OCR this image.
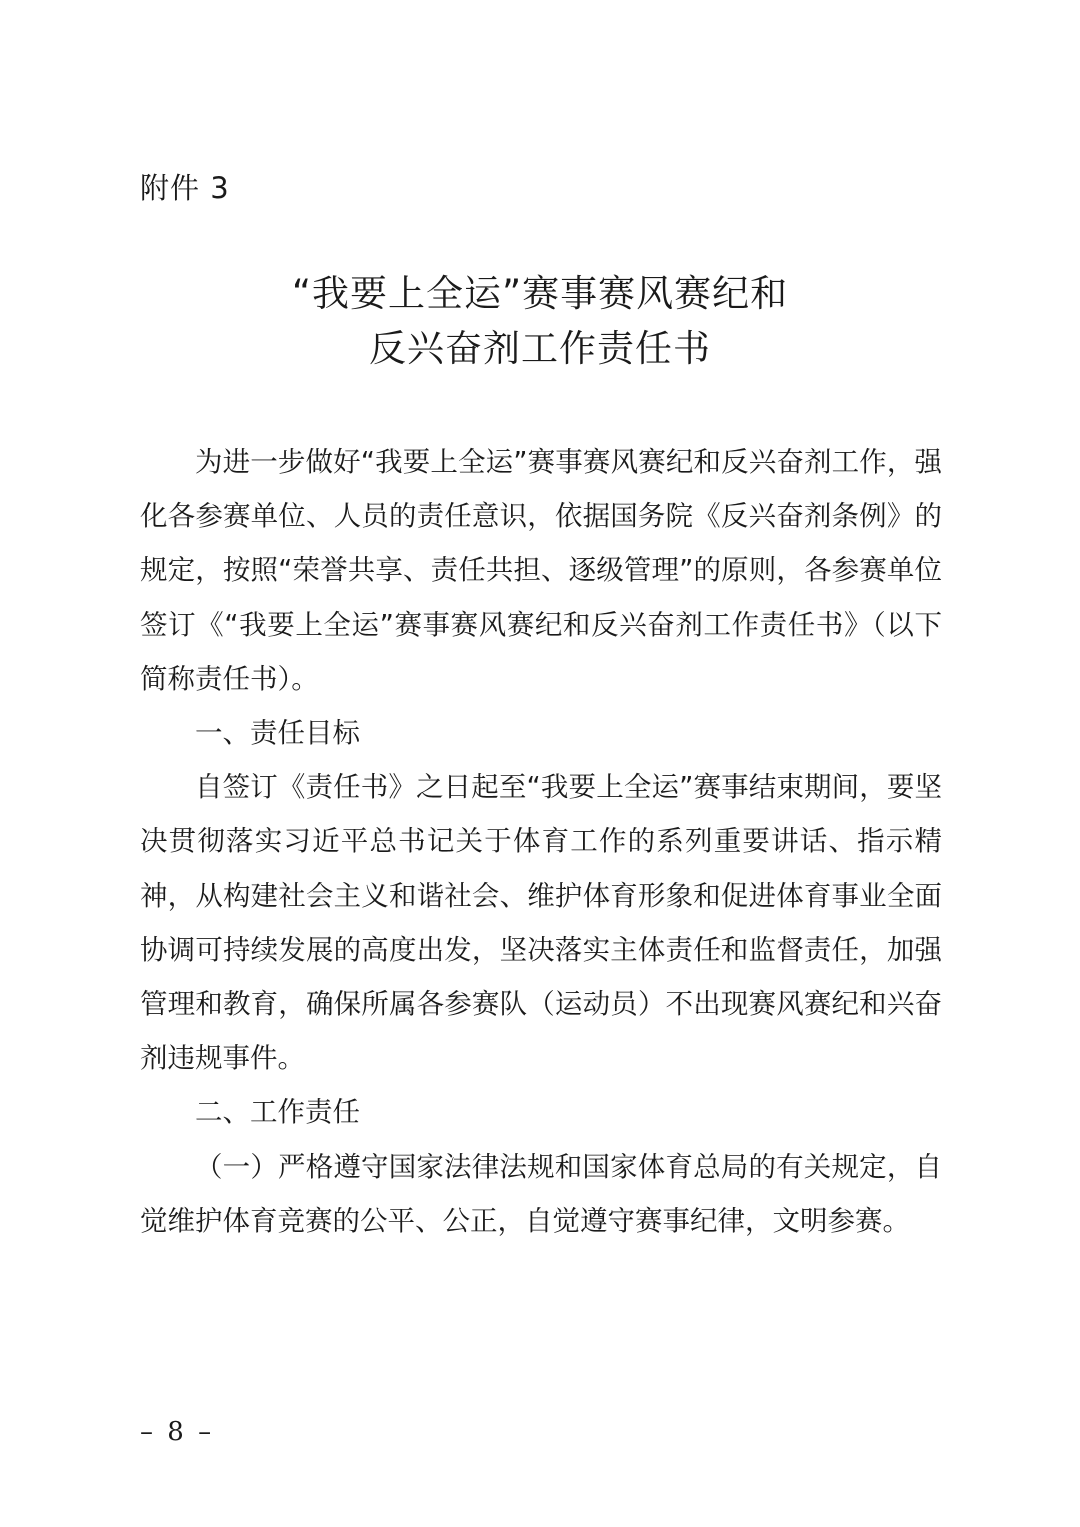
附件 3
“我要上全运”赛事赛风赛纪和
反兴奋剂工作责任书

为进一步做好“我要上全运”赛事赛风赛纪和反兴奋剂工作，强化各参赛单位、人员的责任意识，依据国务院《反兴奋剂条例》的规定，按照“荣誉共享、责任共担、逐级管理”的原则，各参赛单位签订《“我要上全运”赛事赛风赛纪和反兴奋剂工作责任书》（以下简称责任书）。

一、责任目标

自签订《责任书》之日起至“我要上全运”赛事结束期间，要坚决贯彻落实习近平总书记关于体育工作的系列重要讲话、指示精神，从构建社会主义和谐社会、维护体育形象和促进体育事业全面协调可持续发展的高度出发，坚决落实主体责任和监督责任，加强管理和教育，确保所属各参赛队（运动员）不出现赛风赛纪和兴奋剂违规事件。

二、工作责任

（一）严格遵守国家法律法规和国家体育总局的有关规定，自觉维护体育竞赛的公平、公正，自觉遵守赛事纪律，文明参赛。

– 8 –
